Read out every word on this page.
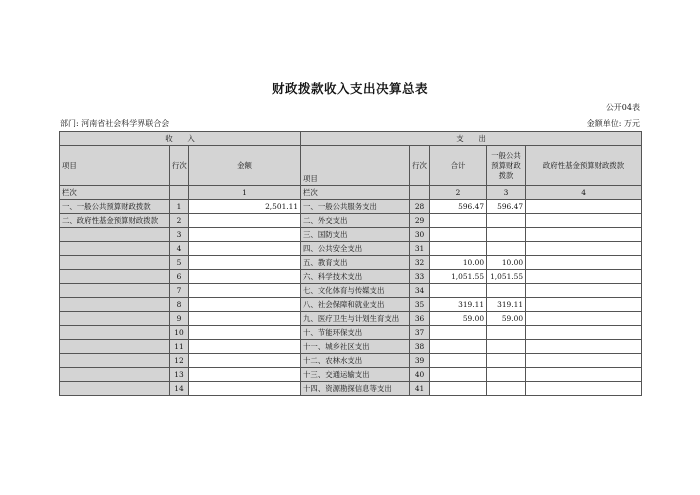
财政拨款收入支出决算总表
公开04表
部门: 河南省社会科学界联合会	金额单位: 万元
收　　入			支　　出				
项目	行次	金额	项目	行次	合计	一般公共预算财政拨款	政府性基金预算财政拨款
栏次		1	栏次		2	3	4
一、一般公共预算财政拨款	1	2,501.11	一、一般公共服务支出	28	596.47	596.47	
二、政府性基金预算财政拨款	2		二、外交支出	29			
	3		三、国防支出	30			
	4		四、公共安全支出	31			
	5		五、教育支出	32	10.00	10.00	
	6		六、科学技术支出	33	1,051.55	1,051.55	
	7		七、文化体育与传媒支出	34			
	8		八、社会保障和就业支出	35	319.11	319.11	
	9		九、医疗卫生与计划生育支出	36	59.00	59.00	
	10		十、节能环保支出	37			
	11		十一、城乡社区支出	38			
	12		十二、农林水支出	39			
	13		十三、交通运输支出	40			
	14		十四、资源勘探信息等支出	41			
